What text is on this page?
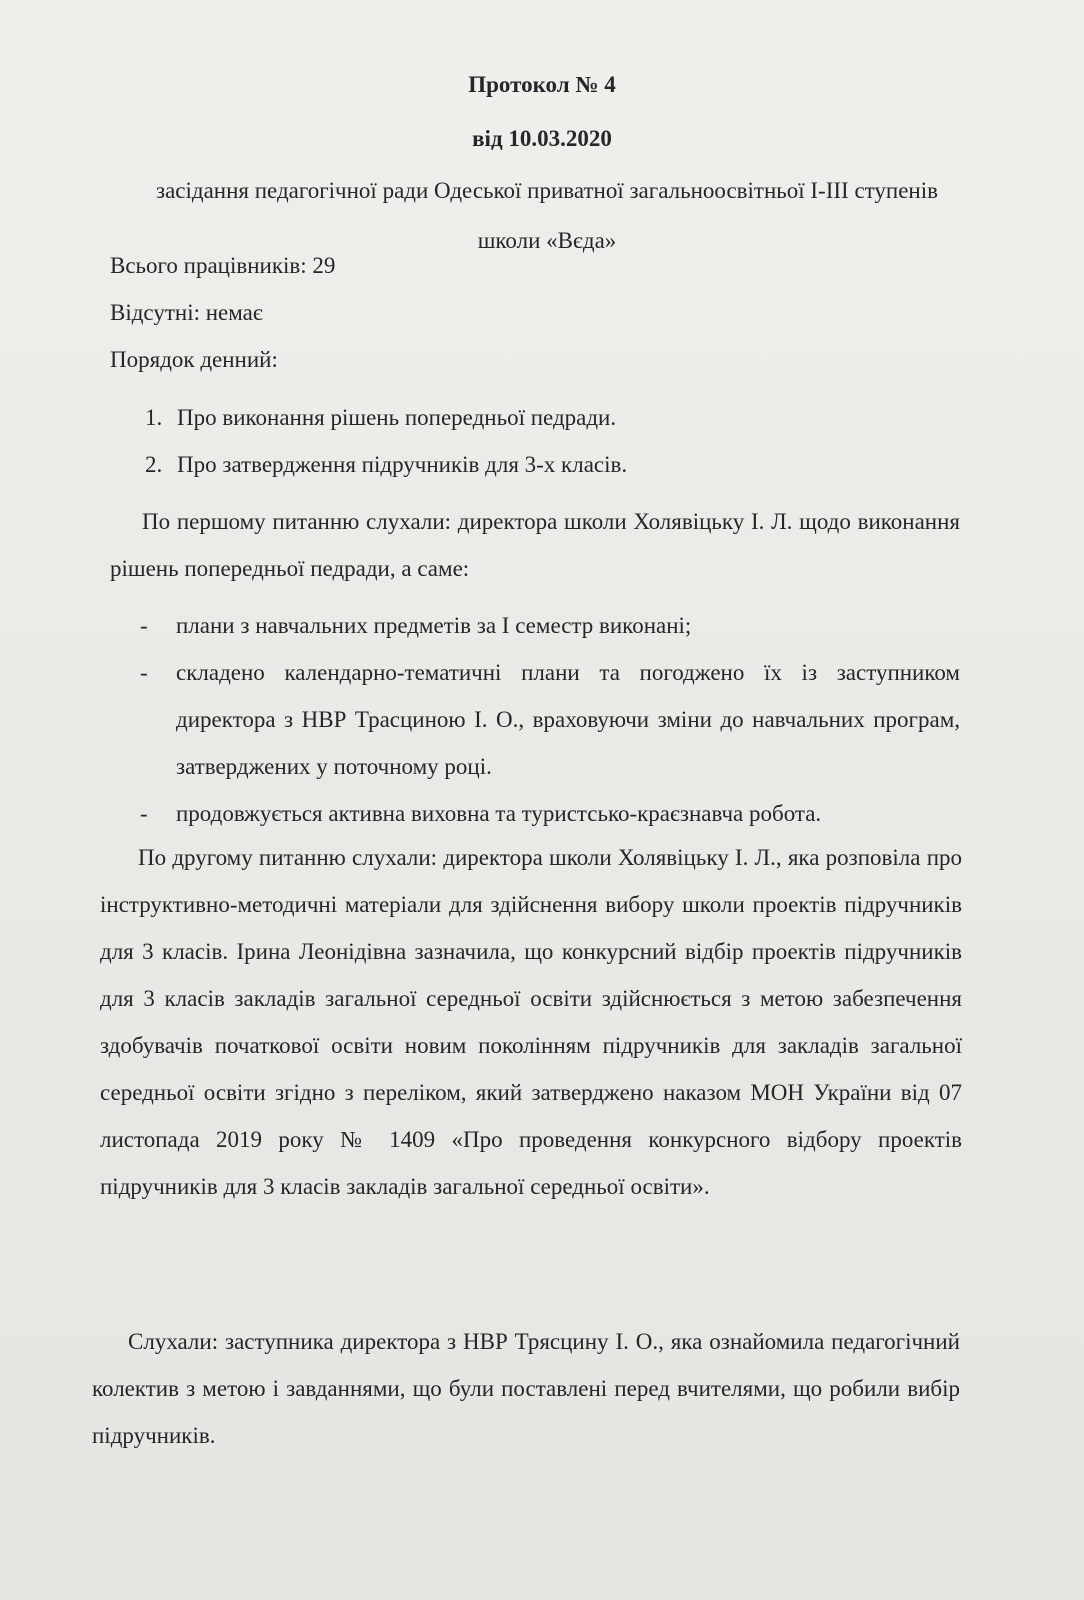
Протокол № 4

від 10.03.2020

засідання педагогічної ради Одеської приватної загальноосвітньої І-ІІІ ступенів школи «Вєда»

Всього працівників: 29

Відсутні: немає

Порядок денний:

1. Про виконання рішень попередньої педради.
2. Про затвердження підручників для 3-х класів.

По першому питанню слухали: директора школи Холявіцьку І. Л. щодо виконання рішень попередньої педради, а саме:

- плани з навчальних предметів за І семестр виконані;
- складено календарно-тематичні плани та погоджено їх із заступником директора з НВР Трасциною І. О., враховуючи зміни до навчальних програм, затверджених у поточному році.
- продовжується активна виховна та туристсько-краєзнавча робота.

По другому питанню слухали: директора школи Холявіцьку І. Л., яка розповіла про інструктивно-методичні матеріали для здійснення вибору школи проектів підручників для 3 класів. Ірина Леонідівна зазначила, що конкурсний відбір проектів підручників для 3 класів закладів загальної середньої освіти здійснюється з метою забезпечення здобувачів початкової освіти новим поколінням підручників для закладів загальної середньої освіти згідно з переліком, який затверджено наказом МОН України від 07 листопада 2019 року № 1409 «Про проведення конкурсного відбору проектів підручників для 3 класів закладів загальної середньої освіти».

Слухали: заступника директора з НВР Трясцину І. О., яка ознайомила педагогічний колектив з метою і завданнями, що були поставлені перед вчителями, що робили вибір підручників.
